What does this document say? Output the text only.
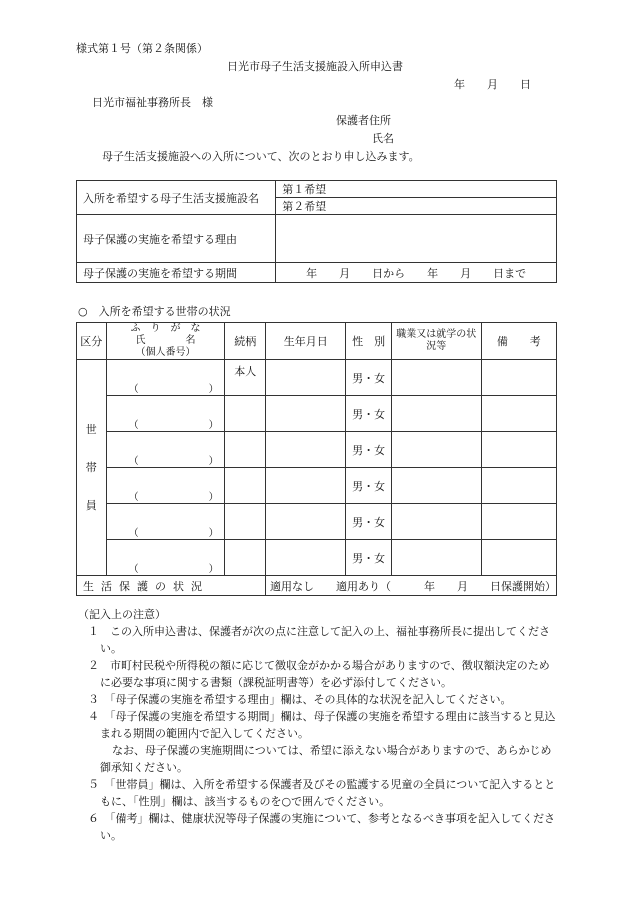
様式第１号（第２条関係）
日光市母子生活支援施設入所申込書
年　　月　　日
日光市福祉事務所長　様
保護者住所
氏名
母子生活支援施設への入所について、次のとおり申し込みます。
入所を希望する母子生活支援施設名	第１希望
	第２希望
母子保護の実施を希望する理由	
母子保護の実施を希望する期間	年　　月　　日から　　年　　月　　日まで
○　入所を希望する世帯の状況
区分	ふ　り　が　な
氏　　　　名
（個人番号）	続柄	生年月日	性　別	職業又は就学の状況等	備　　考

世
帯
員	（　　　　　　　）	本人		男・女		
	（　　　　　　　）			男・女		
	（　　　　　　　）			男・女		
	（　　　　　　　）			男・女		
	（　　　　　　　）			男・女		
	（　　　　　　　）			男・女		
生活保護の状況			適用なし　　適用あり（　　　年　　月　　日保護開始）			
（記入上の注意）
１　この入所申込書は、保護者が次の点に注意して記入の上、福祉事務所長に提出してください。
２　市町村民税や所得税の額に応じて徴収金がかかる場合がありますので、徴収額決定のために必要な事項に関する書類（課税証明書等）を必ず添付してください。
３　「母子保護の実施を希望する理由」欄は、その具体的な状況を記入してください。
４　「母子保護の実施を希望する期間」欄は、母子保護の実施を希望する理由に該当すると見込まれる期間の範囲内で記入してください。
なお、母子保護の実施期間については、希望に添えない場合がありますので、あらかじめ御承知ください。
５　「世帯員」欄は、入所を希望する保護者及びその監護する児童の全員について記入するとともに、「性別」欄は、該当するものを○で囲んでください。
６　「備考」欄は、健康状況等母子保護の実施について、参考となるべき事項を記入してください。
